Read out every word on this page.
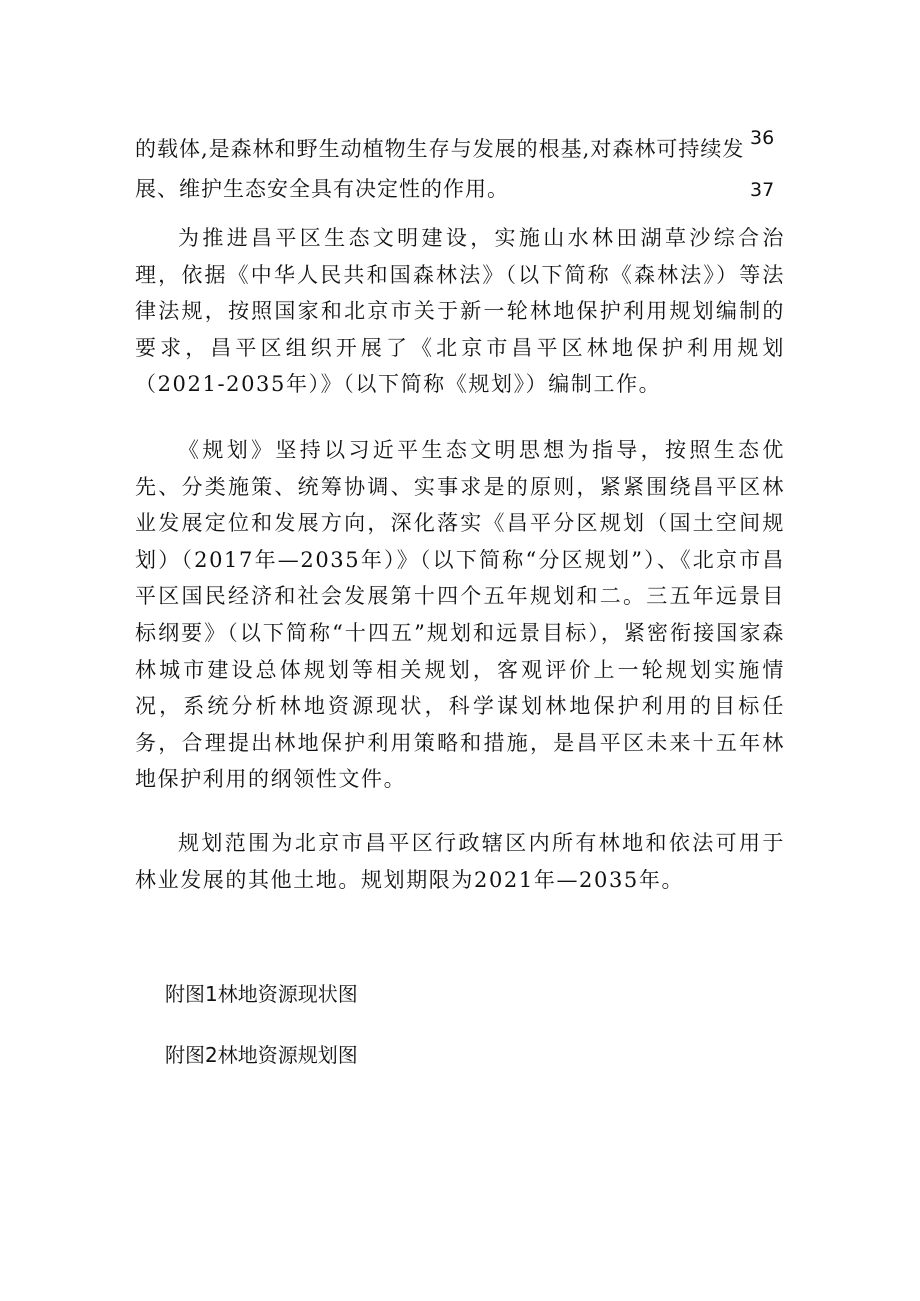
的载体,是森林和野生动植物生存与发展的根基,对森林可持续发 36
展、维护生态安全具有决定性的作用。	37

为推进昌平区生态文明建设，实施山水林田湖草沙综合治理，依据《中华人民共和国森林法》（以下简称《森林法》）等法律法规，按照国家和北京市关于新一轮林地保护利用规划编制的要求，昌平区组织开展了《北京市昌平区林地保护利用规划（2021-2035年）》（以下简称《规划》）编制工作。

《规划》坚持以习近平生态文明思想为指导，按照生态优先、分类施策、统筹协调、实事求是的原则，紧紧围绕昌平区林业发展定位和发展方向，深化落实《昌平分区规划（国土空间规划）（2017年—2035年）》（以下简称“分区规划”）、《北京市昌平区国民经济和社会发展第十四个五年规划和二。三五年远景目标纲要》（以下简称“十四五”规划和远景目标），紧密衔接国家森林城市建设总体规划等相关规划，客观评价上一轮规划实施情况，系统分析林地资源现状，科学谋划林地保护利用的目标任务，合理提出林地保护利用策略和措施，是昌平区未来十五年林地保护利用的纲领性文件。

规划范围为北京市昌平区行政辖区内所有林地和依法可用于林业发展的其他土地。规划期限为2021年—2035年。

附图1林地资源现状图
附图2林地资源规划图
